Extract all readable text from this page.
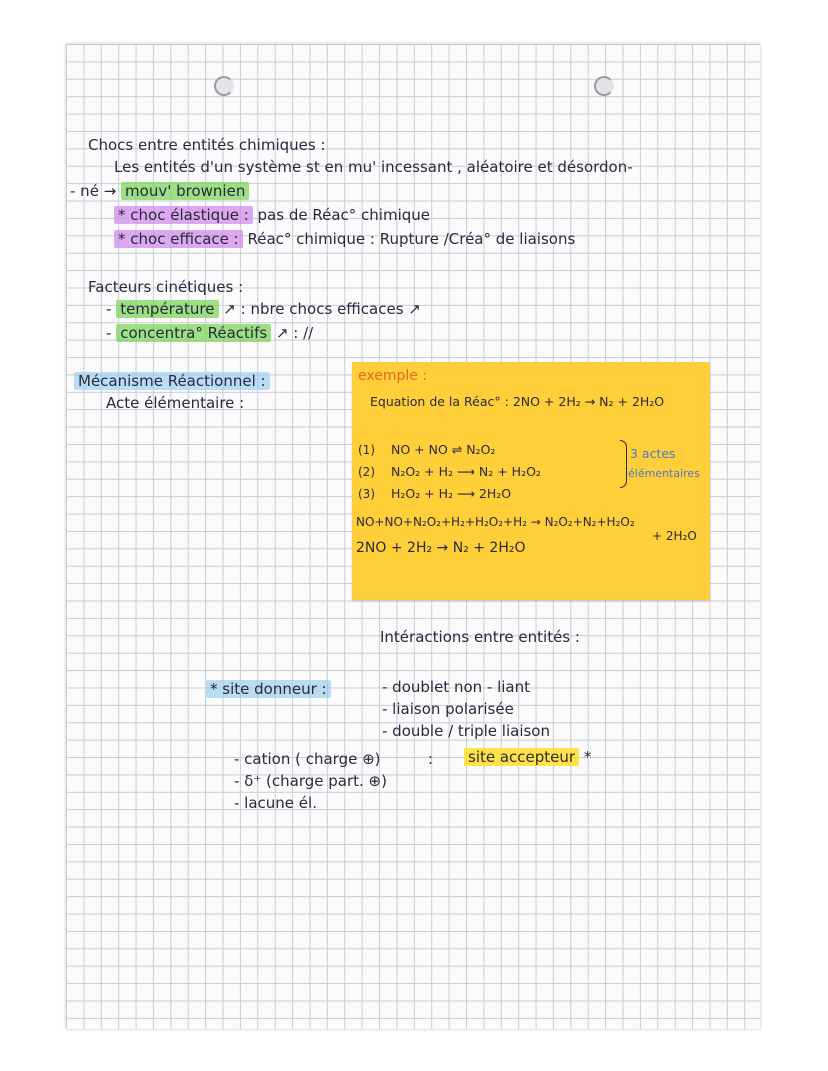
Chocs entre entités chimiques :
Les entités d'un système st en mu' incessant , aléatoire et désordon-
- né → mouv' brownien
* choc élastique : pas de Réac° chimique
* choc efficace : Réac° chimique : Rupture /Créa° de liaisons
Facteurs cinétiques :
- température ↗ : nbre chocs efficaces ↗
- concentra° Réactifs ↗ : //
Mécanisme Réactionnel :
Acte élémentaire :
Intéractions entre entités :
* site donneur :	- doublet non - liant
- liaison polarisée
- double / triple liaison
- cation ( charge ⊕)	: site accepteur *
- δ⁺ (charge part. ⊕)
- lacune él.
exemple :
Equation de la Réac° : 2NO + 2H₂ → N₂ + 2H₂O
(1) NO + NO ⇌ N₂O₂
(2) N₂O₂ + H₂ ⟶ N₂ + H₂O₂
(3) H₂O₂ + H₂ ⟶ 2H₂O
3 actes
élémentaires
NO+NO+N₂O₂+H₂+H₂O₂+H₂ → N₂O₂+N₂+H₂O₂
+ 2H₂O
2NO + 2H₂ → N₂ + 2H₂O
